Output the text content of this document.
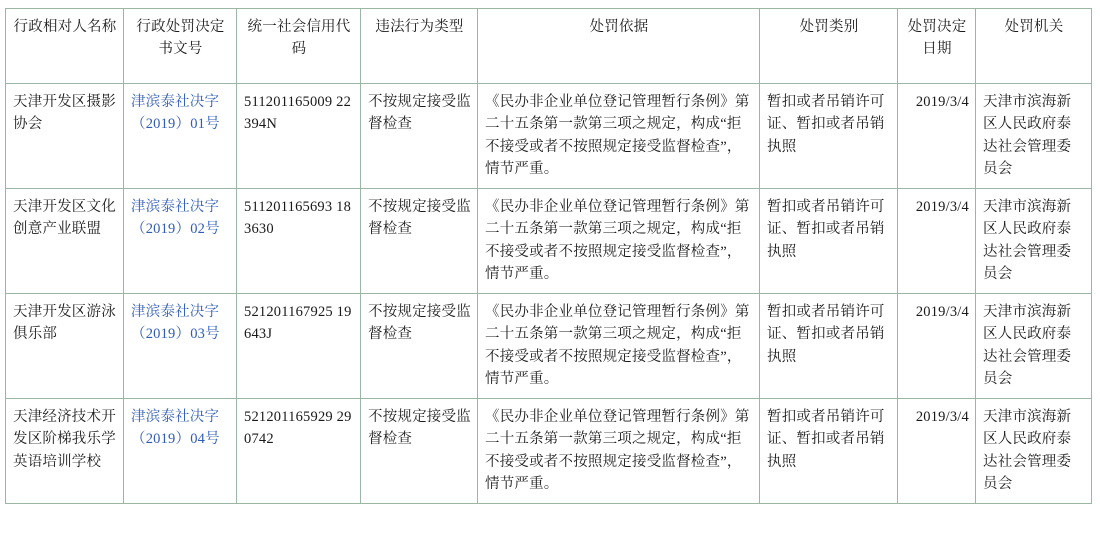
行政相对人名称	行政处罚决定书文号	统一社会信用代码	违法行为类型	处罚依据	处罚类别	处罚决定日期	处罚机关
天津开发区摄影协会	津滨泰社决字（2019）01号	511201165009 22394N	不按规定接受监督检查	《民办非企业单位登记管理暂行条例》第二十五条第一款第三项之规定，构成“拒不接受或者不按照规定接受监督检查”，情节严重。	暂扣或者吊销许可证、暂扣或者吊销执照	2019/3/4	天津市滨海新区人民政府泰达社会管理委员会
天津开发区文化创意产业联盟	津滨泰社决字（2019）02号	511201165693 183630	不按规定接受监督检查	《民办非企业单位登记管理暂行条例》第二十五条第一款第三项之规定，构成“拒不接受或者不按照规定接受监督检查”，情节严重。	暂扣或者吊销许可证、暂扣或者吊销执照	2019/3/4	天津市滨海新区人民政府泰达社会管理委员会
天津开发区游泳俱乐部	津滨泰社决字（2019）03号	521201167925 19643J	不按规定接受监督检查	《民办非企业单位登记管理暂行条例》第二十五条第一款第三项之规定，构成“拒不接受或者不按照规定接受监督检查”，情节严重。	暂扣或者吊销许可证、暂扣或者吊销执照	2019/3/4	天津市滨海新区人民政府泰达社会管理委员会
天津经济技术开发区阶梯我乐学英语培训学校	津滨泰社决字（2019）04号	521201165929 290742	不按规定接受监督检查	《民办非企业单位登记管理暂行条例》第二十五条第一款第三项之规定，构成“拒不接受或者不按照规定接受监督检查”，情节严重。	暂扣或者吊销许可证、暂扣或者吊销执照	2019/3/4	天津市滨海新区人民政府泰达社会管理委员会
